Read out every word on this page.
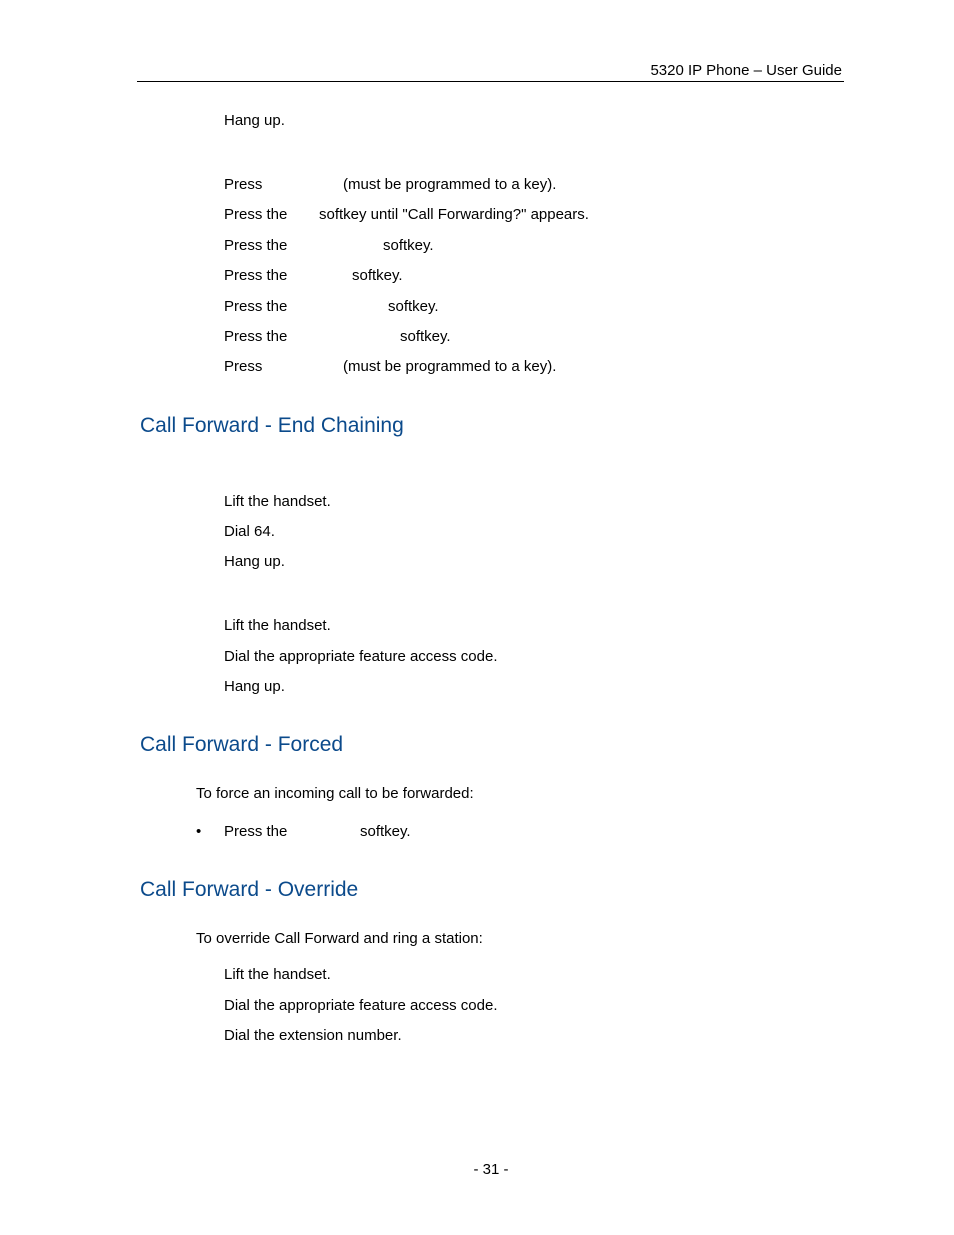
5320 IP Phone – User Guide
Hang up.
Press	(must be programmed to a key).
Press the softkey until "Call Forwarding?" appears.
Press the	softkey.
Press the	softkey.
Press the	softkey.
Press the	softkey.
Press	(must be programmed to a key).
Call Forward - End Chaining
Lift the handset.
Dial 64.
Hang up.
Lift the handset.
Dial the appropriate feature access code.
Hang up.
Call Forward - Forced
To force an incoming call to be forwarded:
• Press the	softkey.
Call Forward - Override
To override Call Forward and ring a station:
Lift the handset.
Dial the appropriate feature access code.
Dial the extension number.
- 31 -
